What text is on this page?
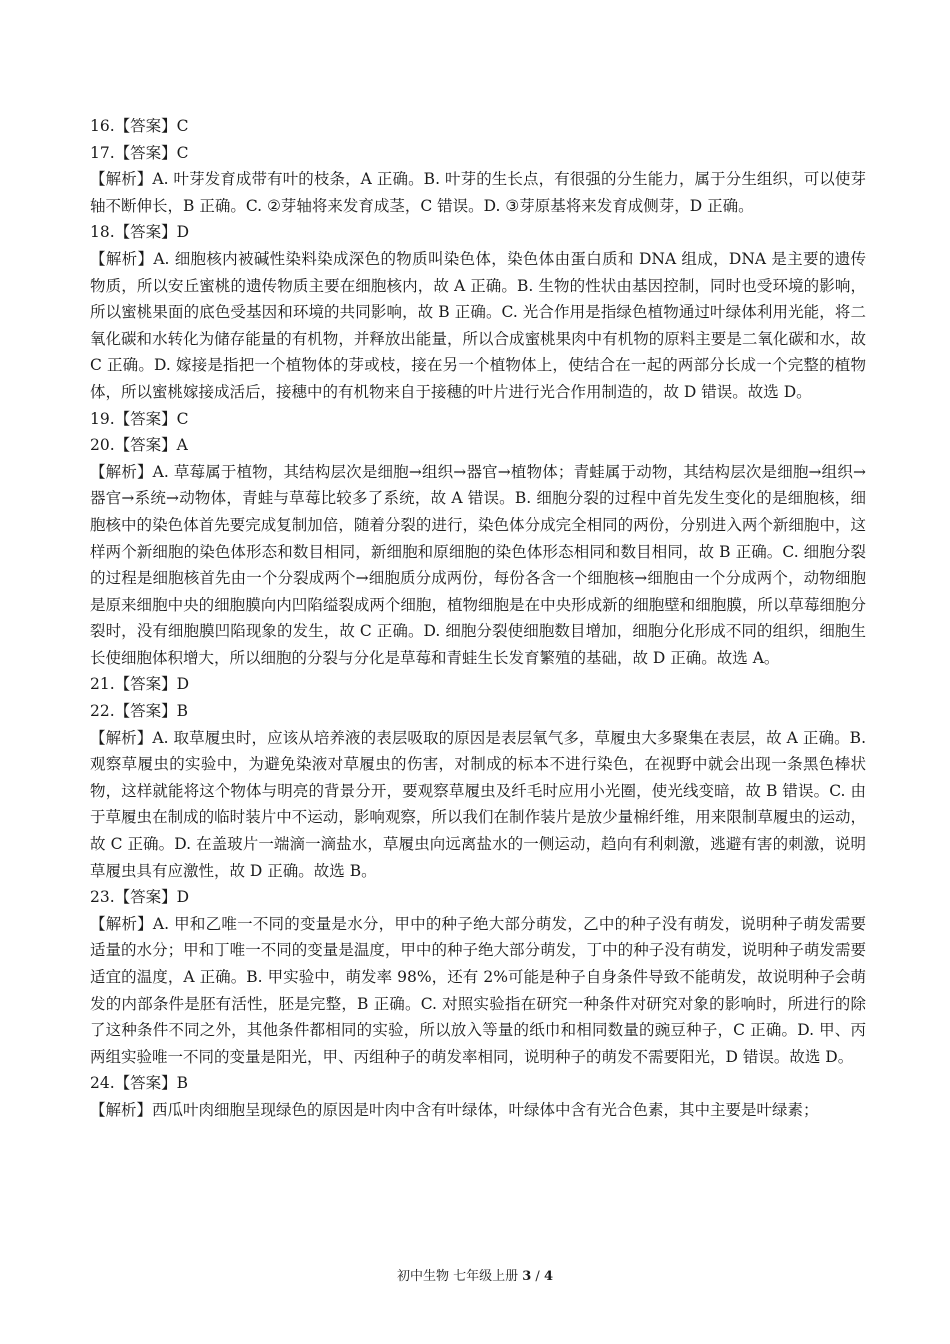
16.【答案】C
17.【答案】C
【解析】A. 叶芽发育成带有叶的枝条，A 正确。B. 叶芽的生长点，有很强的分生能力，属于分生组织，可以使芽轴不断伸长，B 正确。C. ②芽轴将来发育成茎，C 错误。D. ③芽原基将来发育成侧芽，D 正确。
18.【答案】D
【解析】A. 细胞核内被碱性染料染成深色的物质叫染色体，染色体由蛋白质和 DNA 组成，DNA 是主要的遗传物质，所以安丘蜜桃的遗传物质主要在细胞核内，故 A 正确。B. 生物的性状由基因控制，同时也受环境的影响，所以蜜桃果面的底色受基因和环境的共同影响，故 B 正确。C. 光合作用是指绿色植物通过叶绿体利用光能，将二氧化碳和水转化为储存能量的有机物，并释放出能量，所以合成蜜桃果肉中有机物的原料主要是二氧化碳和水，故 C 正确。D. 嫁接是指把一个植物体的芽或枝，接在另一个植物体上，使结合在一起的两部分长成一个完整的植物体，所以蜜桃嫁接成活后，接穗中的有机物来自于接穗的叶片进行光合作用制造的，故 D 错误。故选 D。
19.【答案】C
20.【答案】A
【解析】A. 草莓属于植物，其结构层次是细胞→组织→器官→植物体；青蛙属于动物，其结构层次是细胞→组织→器官→系统→动物体，青蛙与草莓比较多了系统，故 A 错误。B. 细胞分裂的过程中首先发生变化的是细胞核，细胞核中的染色体首先要完成复制加倍，随着分裂的进行，染色体分成完全相同的两份，分别进入两个新细胞中，这样两个新细胞的染色体形态和数目相同，新细胞和原细胞的染色体形态相同和数目相同，故 B 正确。C. 细胞分裂的过程是细胞核首先由一个分裂成两个→细胞质分成两份，每份各含一个细胞核→细胞由一个分成两个，动物细胞是原来细胞中央的细胞膜向内凹陷缢裂成两个细胞，植物细胞是在中央形成新的细胞壁和细胞膜，所以草莓细胞分裂时，没有细胞膜凹陷现象的发生，故 C 正确。D. 细胞分裂使细胞数目增加，细胞分化形成不同的组织，细胞生长使细胞体积增大，所以细胞的分裂与分化是草莓和青蛙生长发育繁殖的基础，故 D 正确。故选 A。
21.【答案】D
22.【答案】B
【解析】A. 取草履虫时，应该从培养液的表层吸取的原因是表层氧气多，草履虫大多聚集在表层，故 A 正确。B. 观察草履虫的实验中，为避免染液对草履虫的伤害，对制成的标本不进行染色，在视野中就会出现一条黑色棒状物，这样就能将这个物体与明亮的背景分开，要观察草履虫及纤毛时应用小光圈，使光线变暗，故 B 错误。C. 由于草履虫在制成的临时装片中不运动，影响观察，所以我们在制作装片是放少量棉纤维，用来限制草履虫的运动，故 C 正确。D. 在盖玻片一端滴一滴盐水，草履虫向远离盐水的一侧运动，趋向有利刺激，逃避有害的刺激，说明草履虫具有应激性，故 D 正确。故选 B。
23.【答案】D
【解析】A. 甲和乙唯一不同的变量是水分，甲中的种子绝大部分萌发，乙中的种子没有萌发，说明种子萌发需要适量的水分；甲和丁唯一不同的变量是温度，甲中的种子绝大部分萌发，丁中的种子没有萌发，说明种子萌发需要适宜的温度，A 正确。B. 甲实验中，萌发率 98%，还有 2%可能是种子自身条件导致不能萌发，故说明种子会萌发的内部条件是胚有活性，胚是完整，B 正确。C. 对照实验指在研究一种条件对研究对象的影响时，所进行的除了这种条件不同之外，其他条件都相同的实验，所以放入等量的纸巾和相同数量的豌豆种子，C 正确。D. 甲、丙两组实验唯一不同的变量是阳光，甲、丙组种子的萌发率相同，说明种子的萌发不需要阳光，D 错误。故选 D。
24.【答案】B
【解析】西瓜叶肉细胞呈现绿色的原因是叶肉中含有叶绿体，叶绿体中含有光合色素，其中主要是叶绿素；
初中生物 七年级上册 3 / 4
